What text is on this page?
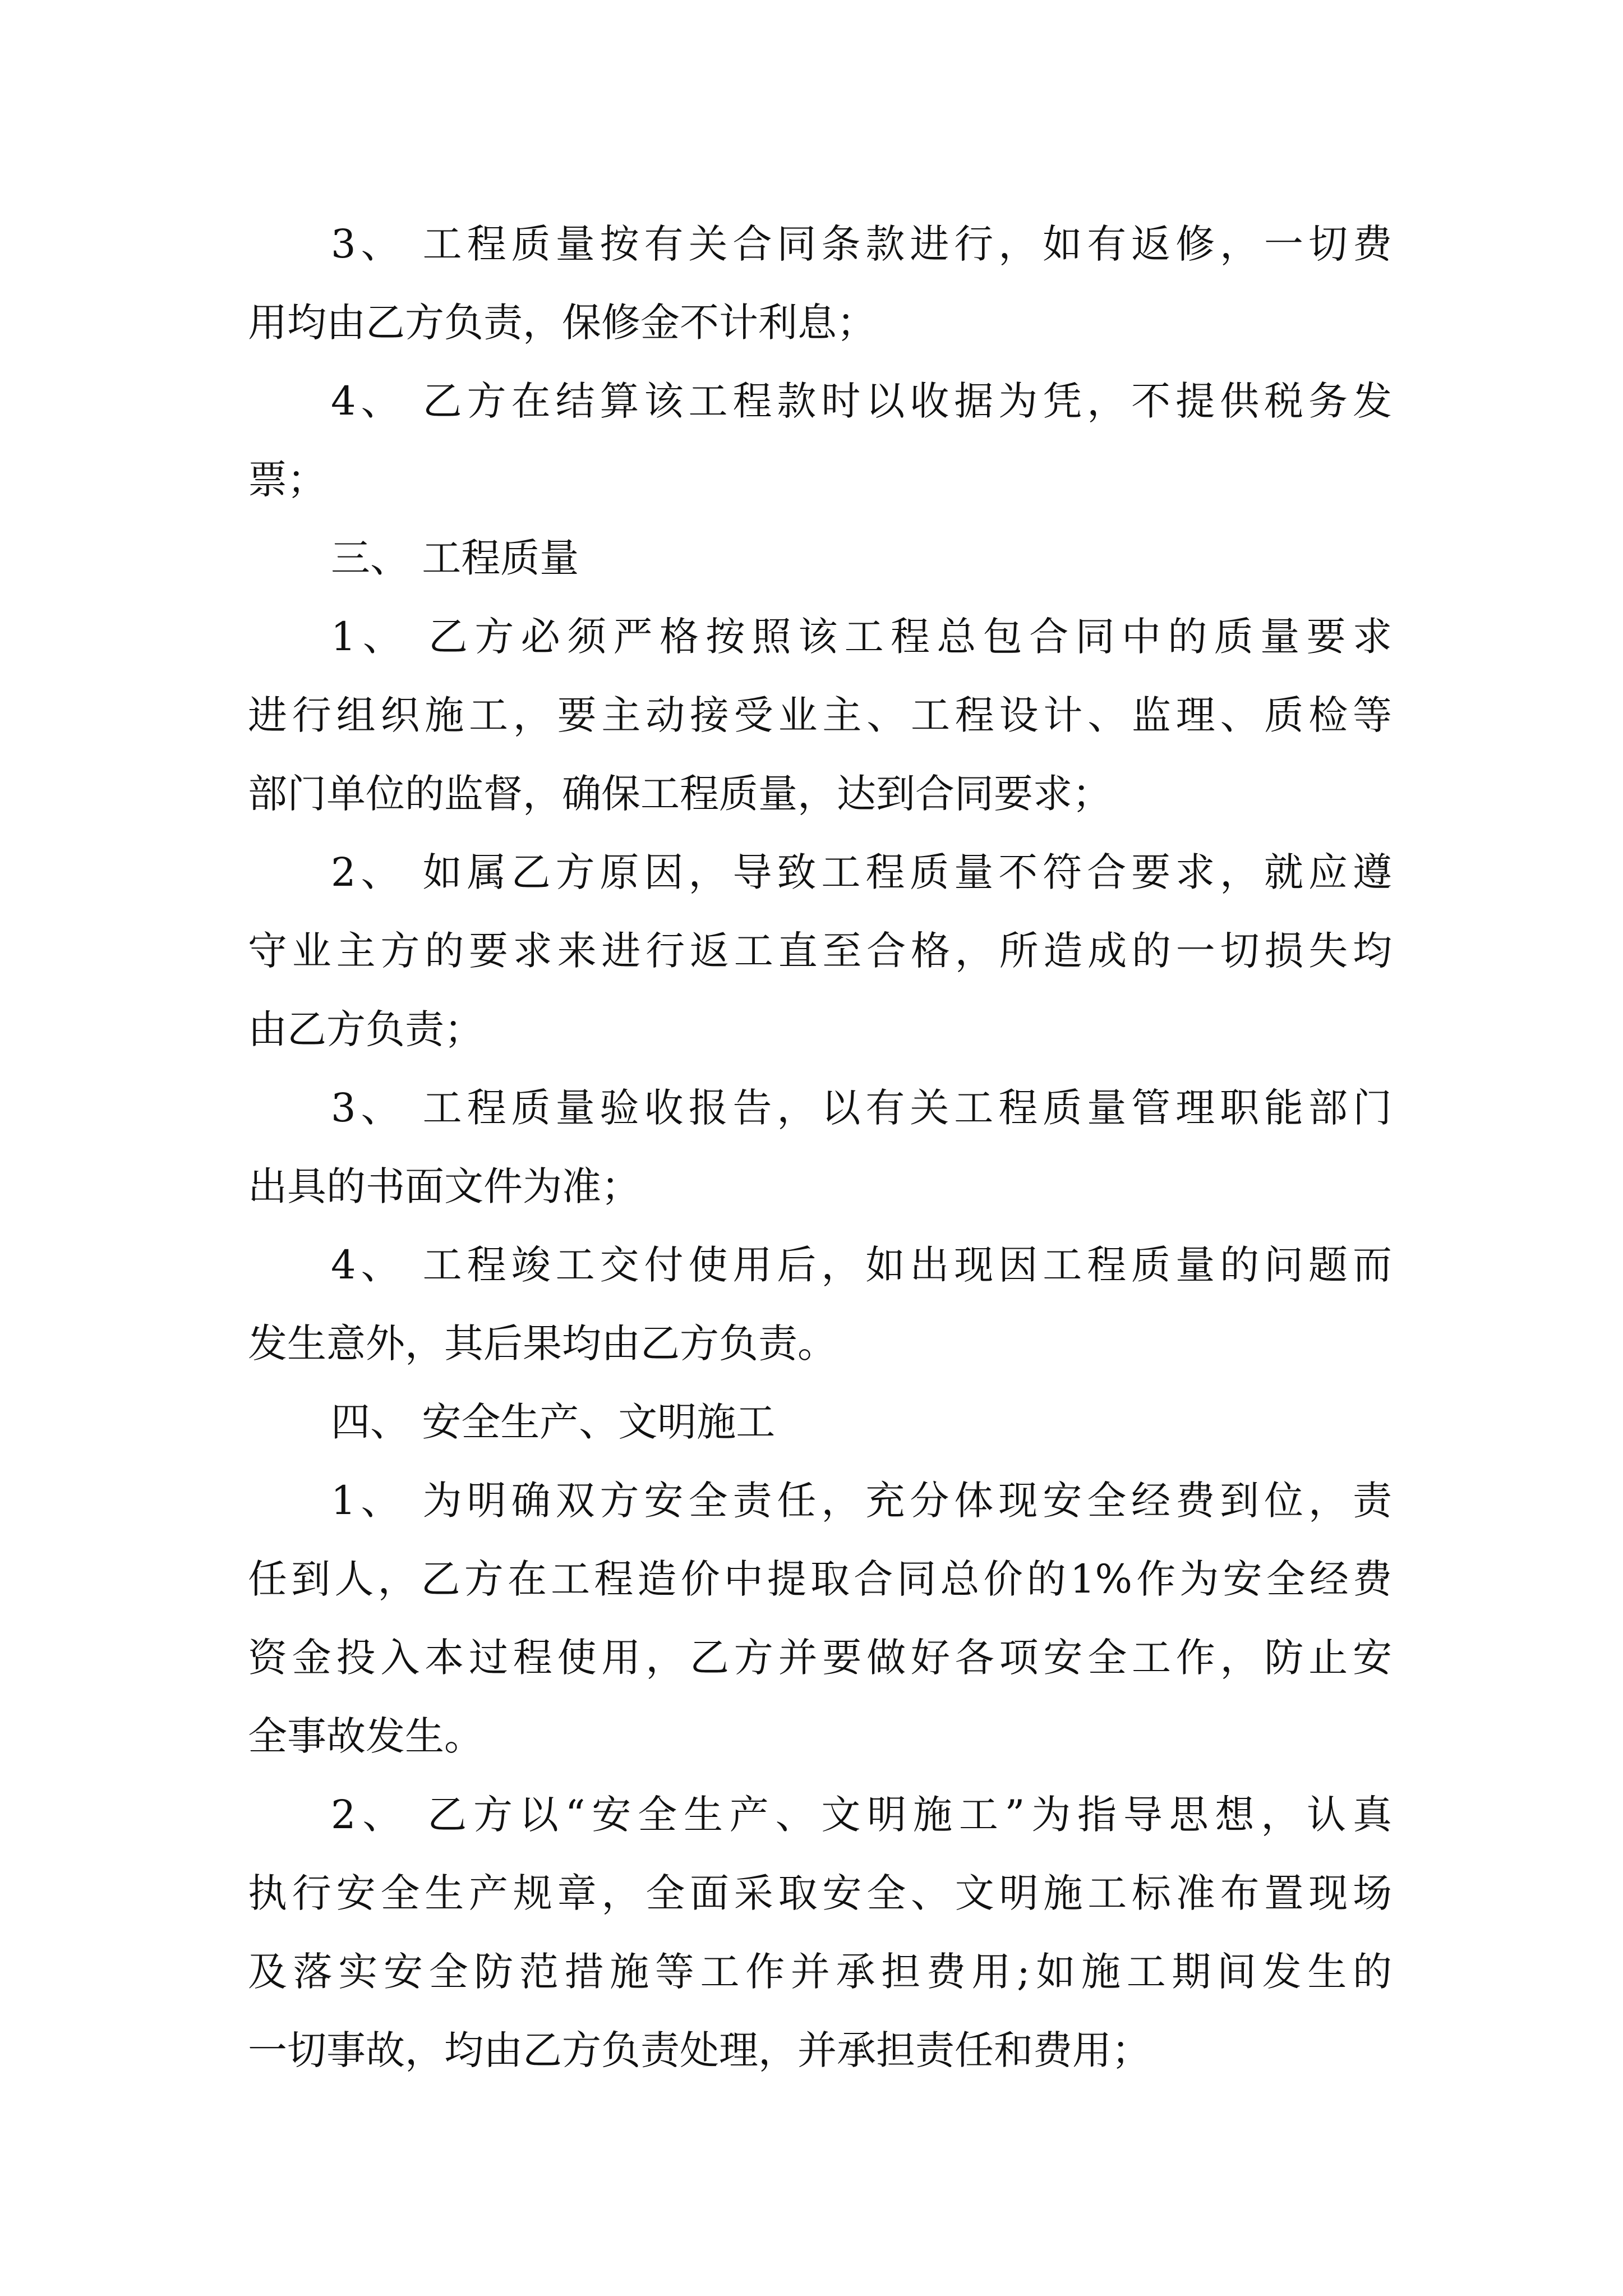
3、 工程质量按有关合同条款进行，如有返修，一切费
用均由乙方负责，保修金不计利息；
4、 乙方在结算该工程款时以收据为凭，不提供税务发
票；
三、 工程质量
1、 乙方必须严格按照该工程总包合同中的质量要求
进行组织施工，要主动接受业主、工程设计、监理、质检等
部门单位的监督，确保工程质量，达到合同要求；
2、 如属乙方原因，导致工程质量不符合要求，就应遵
守业主方的要求来进行返工直至合格，所造成的一切损失均
由乙方负责；
3、 工程质量验收报告，以有关工程质量管理职能部门
出具的书面文件为准；
4、 工程竣工交付使用后，如出现因工程质量的问题而
发生意外，其后果均由乙方负责。
四、 安全生产、文明施工
1、 为明确双方安全责任，充分体现安全经费到位，责
任到人，乙方在工程造价中提取合同总价的1%作为安全经费
资金投入本过程使用，乙方并要做好各项安全工作，防止安
全事故发生。
2、 乙方以“安全生产、文明施工”为指导思想，认真
执行安全生产规章，全面采取安全、文明施工标准布置现场
及落实安全防范措施等工作并承担费用;如施工期间发生的
一切事故，均由乙方负责处理，并承担责任和费用；
